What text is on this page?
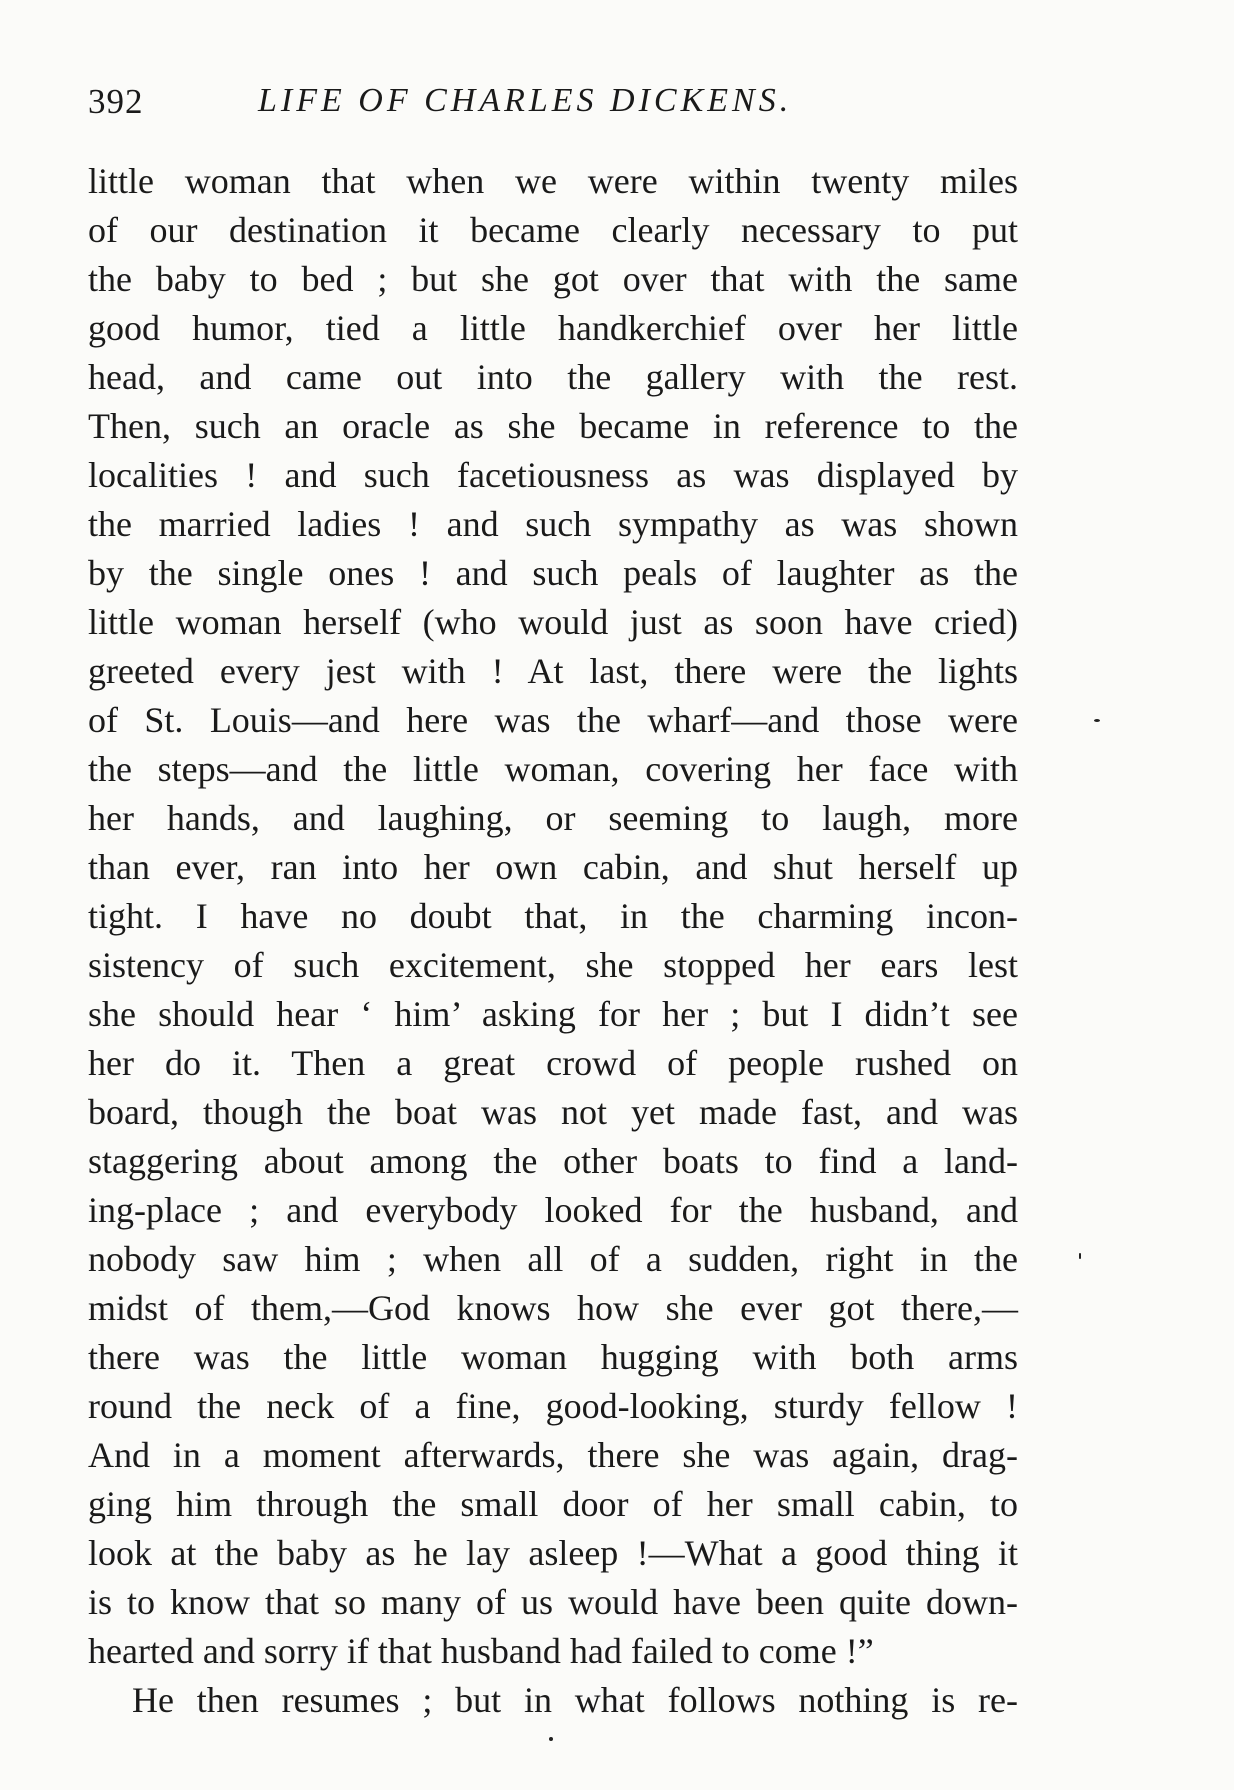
392	LIFE OF CHARLES DICKENS.
little woman that when we were within twenty miles
of our destination it became clearly necessary to put
the baby to bed ; but she got over that with the same
good humor, tied a little handkerchief over her little
head, and came out into the gallery with the rest.
Then, such an oracle as she became in reference to the
localities ! and such facetiousness as was displayed by
the married ladies ! and such sympathy as was shown
by the single ones ! and such peals of laughter as the
little woman herself (who would just as soon have cried)
greeted every jest with ! At last, there were the lights
of St. Louis—and here was the wharf—and those were
the steps—and the little woman, covering her face with
her hands, and laughing, or seeming to laugh, more
than ever, ran into her own cabin, and shut herself up
tight. I have no doubt that, in the charming incon-
sistency of such excitement, she stopped her ears lest
she should hear ‘ him’ asking for her ; but I didn’t see
her do it. Then a great crowd of people rushed on
board, though the boat was not yet made fast, and was
staggering about among the other boats to find a land-
ing-place ; and everybody looked for the husband, and
nobody saw him ; when all of a sudden, right in the
midst of them,—God knows how she ever got there,—
there was the little woman hugging with both arms
round the neck of a fine, good-looking, sturdy fellow !
And in a moment afterwards, there she was again, drag-
ging him through the small door of her small cabin, to
look at the baby as he lay asleep !—What a good thing it
is to know that so many of us would have been quite down-
hearted and sorry if that husband had failed to come !”
He then resumes ; but in what follows nothing is re-
